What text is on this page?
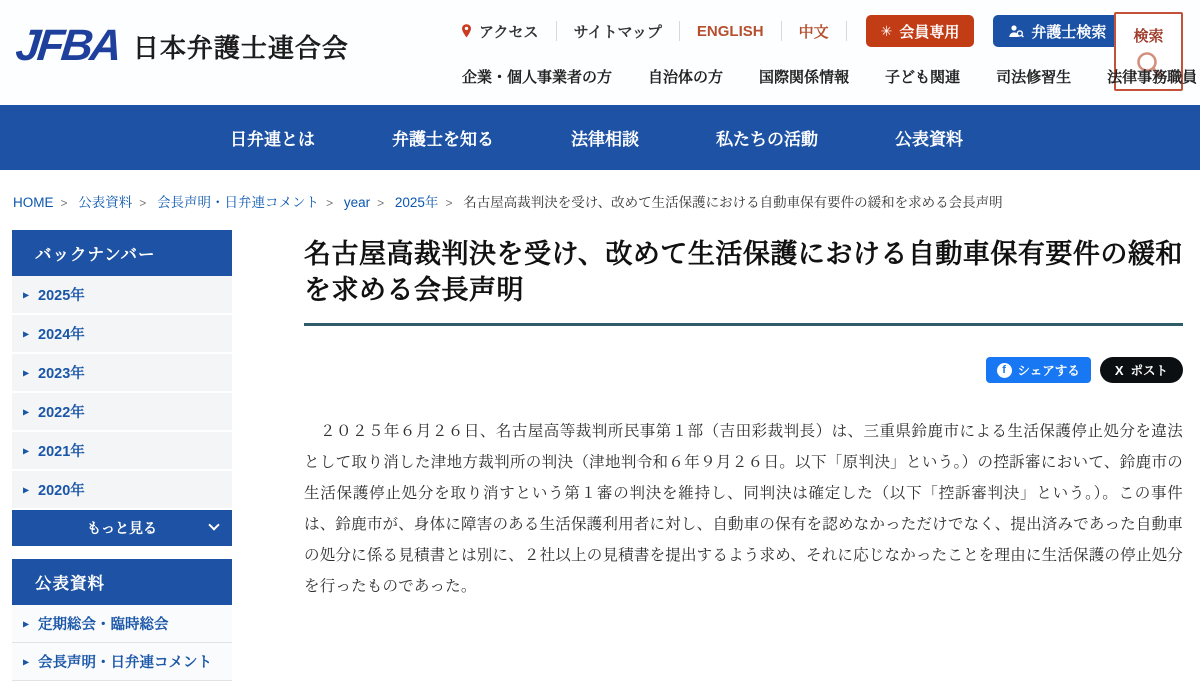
JFBA 日本弁護士連合会
アクセス サイトマップ ENGLISH 中文	✳ 会員専用	弁護士検索 検索
企業・個人事業者の方 自治体の方 国際関係情報 子ども関連 司法修習生 法律事務職員
日弁連とは	弁護士を知る	法律相談	私たちの活動	公表資料
HOME > 公表資料 > 会長声明・日弁連コメント > year > 2025年 > 名古屋高裁判決を受け、改めて生活保護における自動車保有要件の緩和を求める会長声明
バックナンバー
▶ 2025年
▶ 2024年
▶ 2023年
▶ 2022年
▶ 2021年
▶ 2020年
もっと見る
公表資料
▶ 定期総会・臨時総会
▶ 会長声明・日弁連コメント
名古屋高裁判決を受け、改めて生活保護における自動車保有要件の緩和を求める会長声明
f シェアする	X ポスト

　２０２５年６月２６日、名古屋高等裁判所民事第１部（吉田彩裁判長）は、三重県鈴鹿市による生活保護停止処分を違法として取り消した津地方裁判所の判決（津地判令和６年９月２６日。以下「原判決」という。）の控訴審において、鈴鹿市の生活保護停止処分を取り消すという第１審の判決を維持し、同判決は確定した（以下「控訴審判決」という。）。この事件は、鈴鹿市が、身体に障害のある生活保護利用者に対し、自動車の保有を認めなかっただけでなく、提出済みであった自動車の処分に係る見積書とは別に、２社以上の見積書を提出するよう求め、それに応じなかったことを理由に生活保護の停止処分を行ったものであった。
